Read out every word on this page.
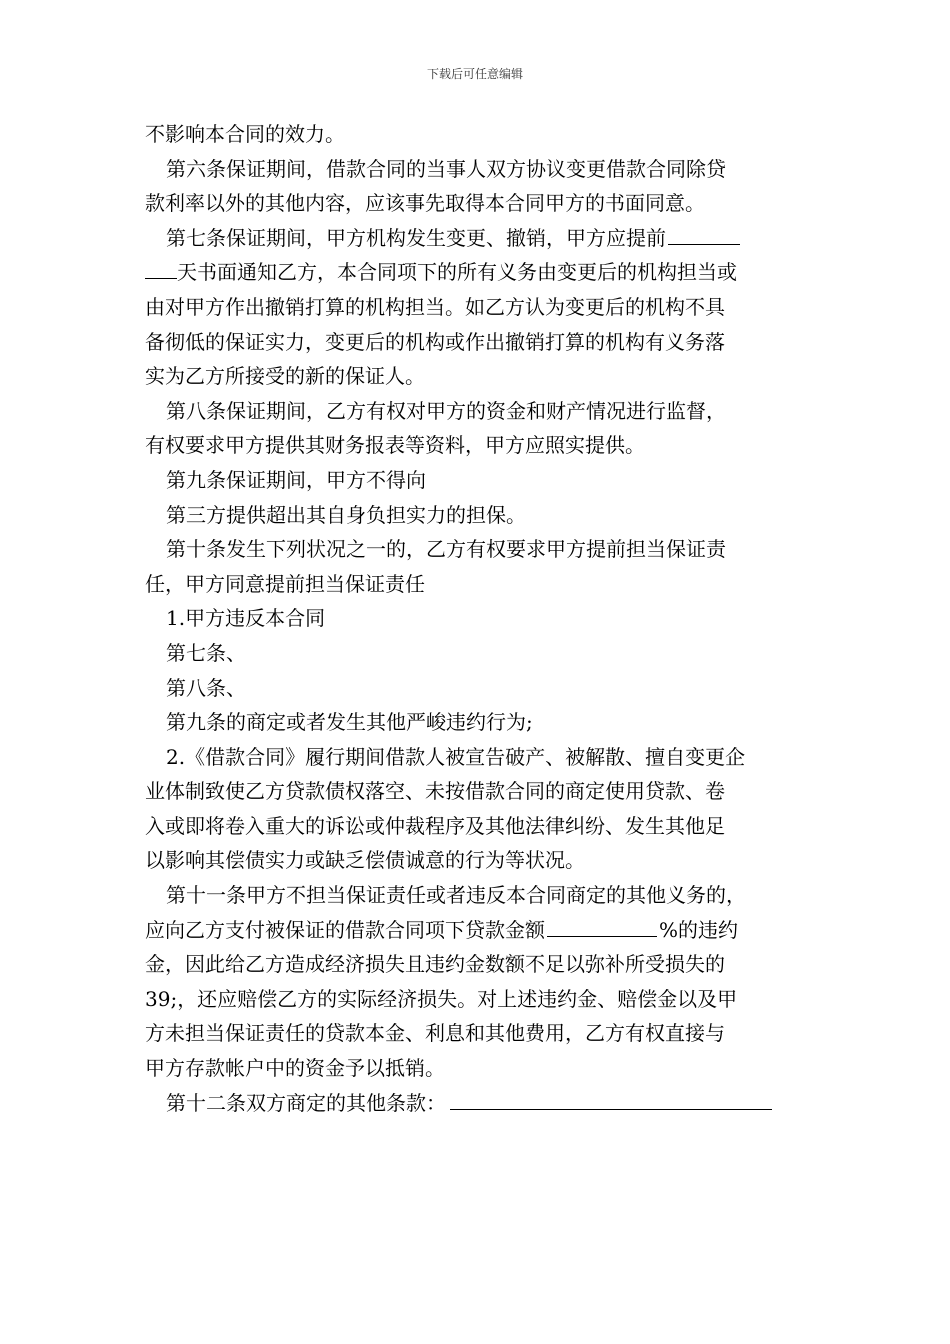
下载后可任意编辑
不影响本合同的效力。
第六条保证期间，借款合同的当事人双方协议变更借款合同除贷
款利率以外的其他内容，应该事先取得本合同甲方的书面同意。
第七条保证期间，甲方机构发生变更、撤销，甲方应提前
天书面通知乙方，本合同项下的所有义务由变更后的机构担当或
由对甲方作出撤销打算的机构担当。如乙方认为变更后的机构不具
备彻低的保证实力，变更后的机构或作出撤销打算的机构有义务落
实为乙方所接受的新的保证人。
第八条保证期间，乙方有权对甲方的资金和财产情况进行监督，
有权要求甲方提供其财务报表等资料，甲方应照实提供。
第九条保证期间，甲方不得向
第三方提供超出其自身负担实力的担保。
第十条发生下列状况之一的，乙方有权要求甲方提前担当保证责
任，甲方同意提前担当保证责任
1.甲方违反本合同
第七条、
第八条、
第九条的商定或者发生其他严峻违约行为;
2.《借款合同》履行期间借款人被宣告破产、被解散、擅自变更企
业体制致使乙方贷款债权落空、未按借款合同的商定使用贷款、卷
入或即将卷入重大的诉讼或仲裁程序及其他法律纠纷、发生其他足
以影响其偿债实力或缺乏偿债诚意的行为等状况。
第十一条甲方不担当保证责任或者违反本合同商定的其他义务的，
应向乙方支付被保证的借款合同项下贷款金额	%的违约
金，因此给乙方造成经济损失且违约金数额不足以弥补所受损失的
39;，还应赔偿乙方的实际经济损失。对上述违约金、赔偿金以及甲
方未担当保证责任的贷款本金、利息和其他费用，乙方有权直接与
甲方存款帐户中的资金予以抵销。
第十二条双方商定的其他条款：
